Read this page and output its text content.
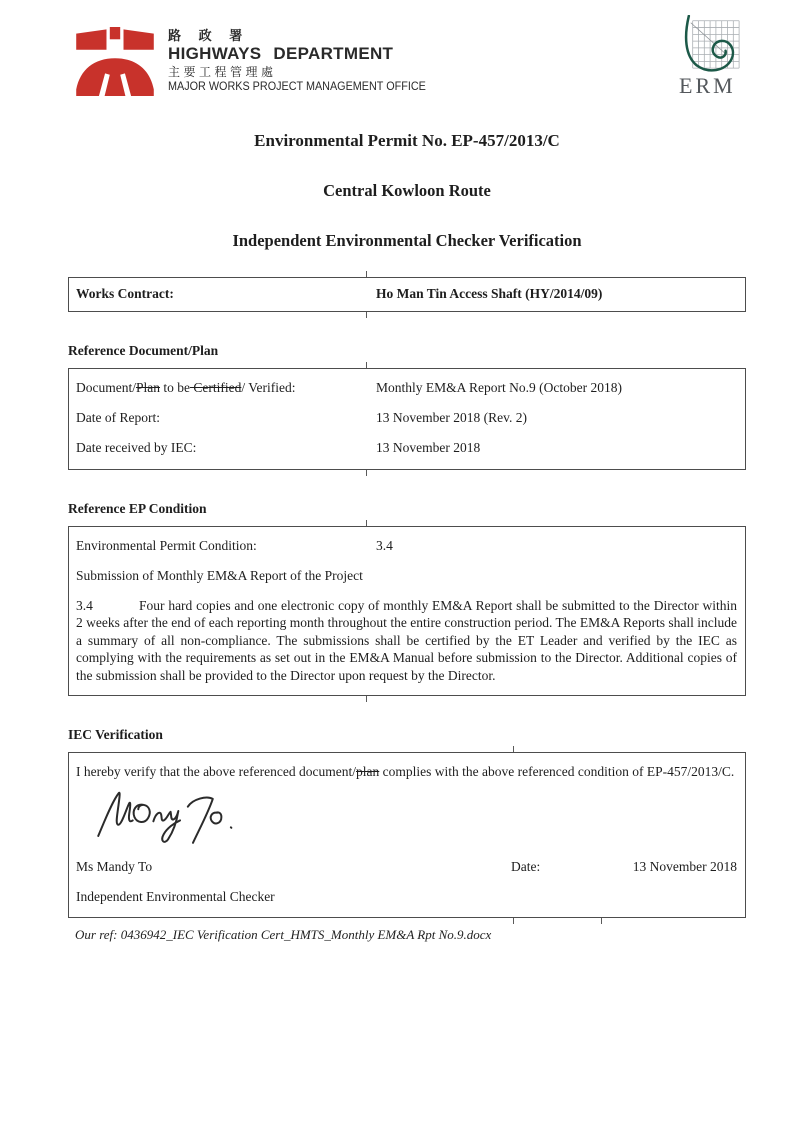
路 政 署
HIGHWAYS DEPARTMENT
主要工程管理處
MAJOR WORKS PROJECT MANAGEMENT OFFICE	ERM
Environmental Permit No. EP-457/2013/C
Central Kowloon Route
Independent Environmental Checker Verification
Works Contract:	Ho Man Tin Access Shaft (HY/2014/09)
Reference Document/Plan
Document/Plan to be Certified/ Verified:	Monthly EM&A Report No.9 (October 2018)
Date of Report:	13 November 2018 (Rev. 2)
Date received by IEC:	13 November 2018
Reference EP Condition
Environmental Permit Condition:	3.4
Submission of Monthly EM&A Report of the Project
3.4	Four hard copies and one electronic copy of monthly EM&A Report shall be submitted to the Director within 2 weeks after the end of each reporting month throughout the entire construction period. The EM&A Reports shall include a summary of all non-compliance. The submissions shall be certified by the ET Leader and verified by the IEC as complying with the requirements as set out in the EM&A Manual before submission to the Director. Additional copies of the submission shall be provided to the Director upon request by the Director.
IEC Verification
I hereby verify that the above referenced document/plan complies with the above referenced condition of EP-457/2013/C.
Ms Mandy To	Date:	13 November 2018
Independent Environmental Checker
Our ref: 0436942_IEC Verification Cert_HMTS_Monthly EM&A Rpt No.9.docx
